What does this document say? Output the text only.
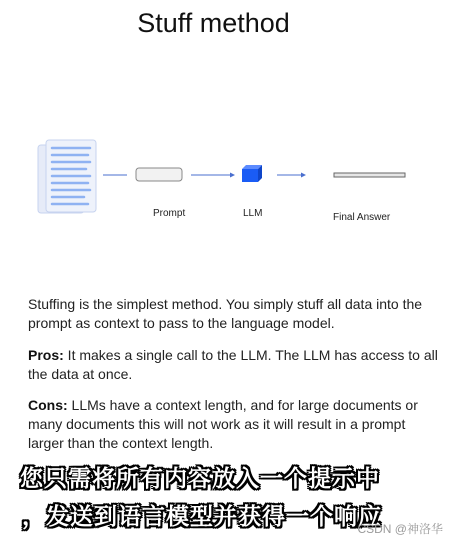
Stuff method
Prompt	LLM	Final Answer
Stuffing is the simplest method. You simply stuff all data into the prompt as context to pass to the language model.
Pros: It makes a single call to the LLM. The LLM has access to all the data at once.
Cons: LLMs have a context length, and for large documents or many documents this will not work as it will result in a prompt larger than the context length.
您只需将所有内容放入一个提示中
，发送到语言模型并获得一个响应
CSDN @神洛华
